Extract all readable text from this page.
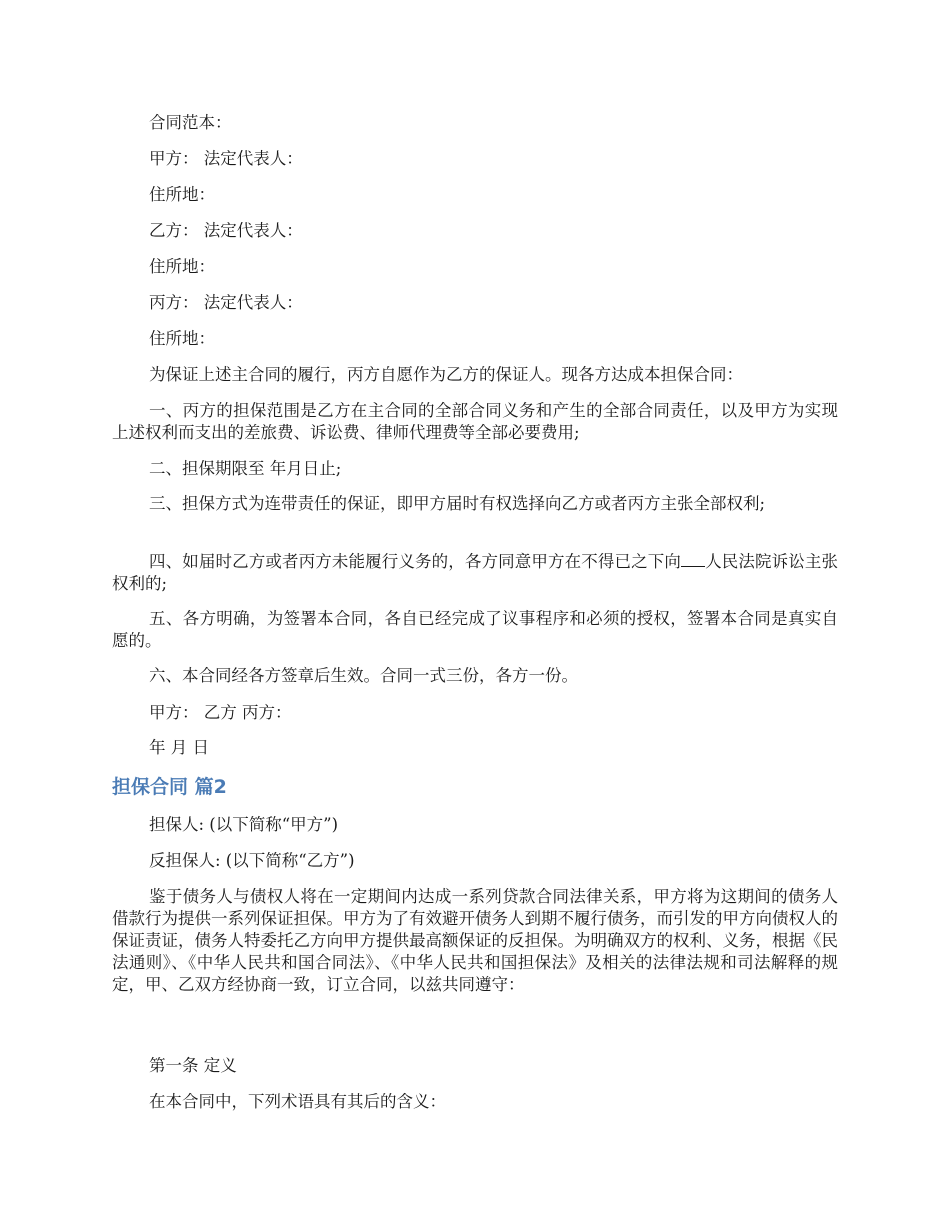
合同范本：

甲方： 法定代表人：

住所地：

乙方： 法定代表人：

住所地：

丙方： 法定代表人：

住所地：

为保证上述主合同的履行，丙方自愿作为乙方的保证人。现各方达成本担保合同：

一、丙方的担保范围是乙方在主合同的全部合同义务和产生的全部合同责任，以及甲方为实现上述权利而支出的差旅费、诉讼费、律师代理费等全部必要费用;

二、担保期限至 年月日止;

三、担保方式为连带责任的保证，即甲方届时有权选择向乙方或者丙方主张全部权利;

四、如届时乙方或者丙方未能履行义务的，各方同意甲方在不得已之下向 人民法院诉讼主张权利的;

五、各方明确，为签署本合同，各自已经完成了议事程序和必须的授权，签署本合同是真实自愿的。

六、本合同经各方签章后生效。合同一式三份，各方一份。

甲方： 乙方 丙方：

年 月 日

担保合同 篇2

担保人: (以下简称“甲方”)

反担保人: (以下简称“乙方”)

鉴于债务人与债权人将在一定期间内达成一系列贷款合同法律关系，甲方将为这期间的债务人借款行为提供一系列保证担保。甲方为了有效避开债务人到期不履行债务，而引发的甲方向债权人的保证责证，债务人特委托乙方向甲方提供最高额保证的反担保。为明确双方的权利、义务，根据《民法通则》、《中华人民共和国合同法》、《中华人民共和国担保法》及相关的法律法规和司法解释的规定，甲、乙双方经协商一致，订立合同，以兹共同遵守：

第一条 定义

在本合同中，下列术语具有其后的含义：
